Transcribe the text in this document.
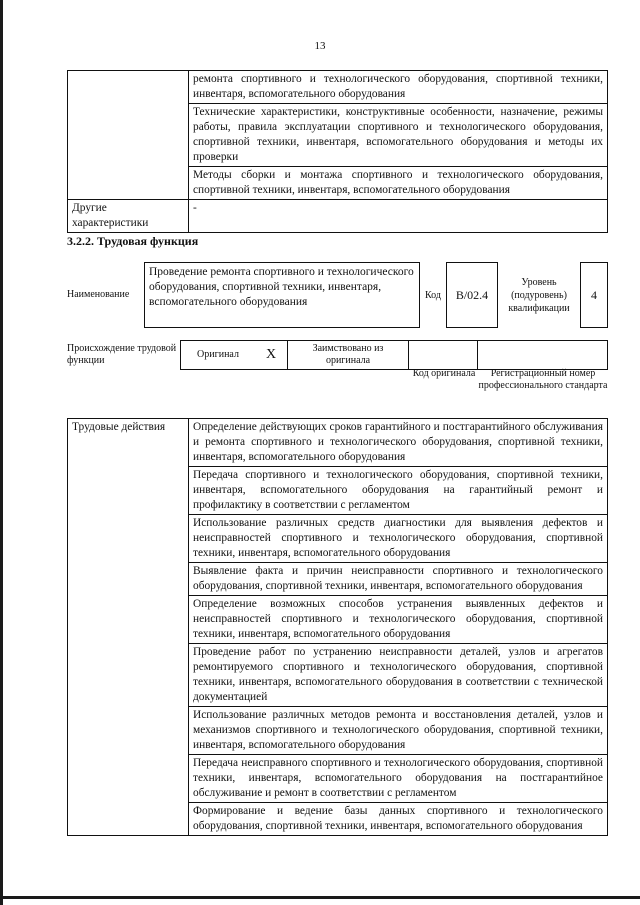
13
	ремонта спортивного и технологического оборудования, спортивной техники, инвентаря, вспомогательного оборудования
	Технические характеристики, конструктивные особенности, назначение, режимы работы, правила эксплуатации спортивного и технологического оборудования, спортивной техники, инвентаря, вспомогательного оборудования и методы их проверки
	Методы сборки и монтажа спортивного и технологического оборудования, спортивной техники, инвентаря, вспомогательного оборудования
Другие характеристики	-
3.2.2. Трудовая функция
Наименование
Проведение ремонта спортивного и технологического оборудования, спортивной техники, инвентаря, вспомогательного оборудования
Код	B/02.4
Уровень (подуровень) квалификации
4
Происхождение трудовой функции
Оригинал	X	Заимствовано из оригинала		
Код оригинала	Регистрационный номер профессионального стандарта
Трудовые действия	Определение действующих сроков гарантийного и постгарантийного обслуживания и ремонта спортивного и технологического оборудования, спортивной техники, инвентаря, вспомогательного оборудования
Передача спортивного и технологического оборудования, спортивной техники, инвентаря, вспомогательного оборудования на гарантийный ремонт и профилактику в соответствии с регламентом
Использование различных средств диагностики для выявления дефектов и неисправностей спортивного и технологического оборудования, спортивной техники, инвентаря, вспомогательного оборудования
Выявление факта и причин неисправности спортивного и технологического оборудования, спортивной техники, инвентаря, вспомогательного оборудования
Определение возможных способов устранения выявленных дефектов и неисправностей спортивного и технологического оборудования, спортивной техники, инвентаря, вспомогательного оборудования
Проведение работ по устранению неисправности деталей, узлов и агрегатов ремонтируемого спортивного и технологического оборудования, спортивной техники, инвентаря, вспомогательного оборудования в соответствии с технической документацией
Использование различных методов ремонта и восстановления деталей, узлов и механизмов спортивного и технологического оборудования, спортивной техники, инвентаря, вспомогательного оборудования
Передача неисправного спортивного и технологического оборудования, спортивной техники, инвентаря, вспомогательного оборудования на постгарантийное обслуживание и ремонт в соответствии с регламентом
Формирование и ведение базы данных спортивного и технологического оборудования, спортивной техники, инвентаря, вспомогательного оборудования
